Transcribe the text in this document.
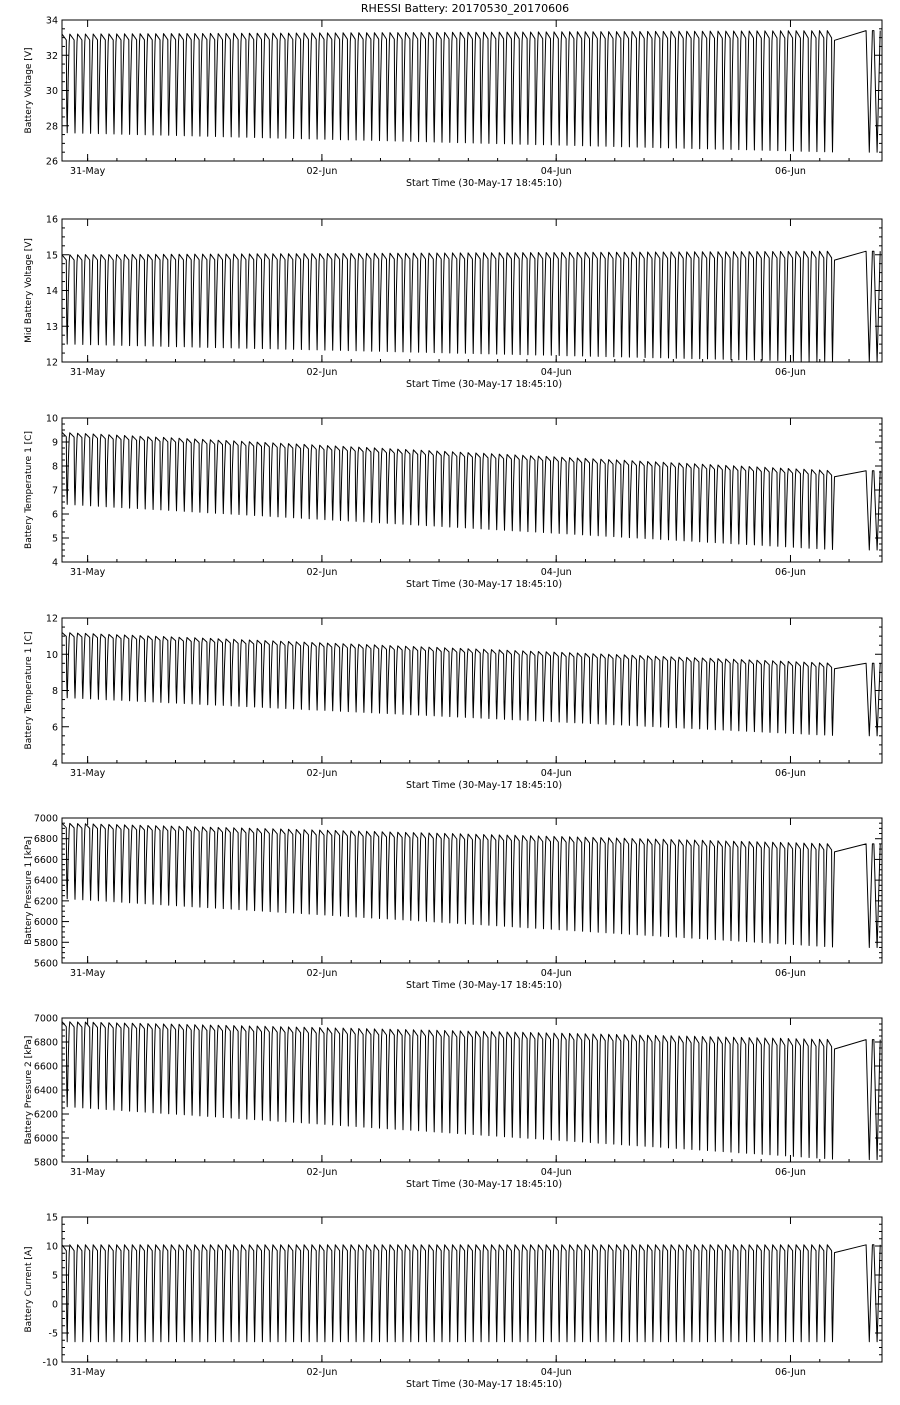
RHESSI Battery: 20170530_20170606
26
28
30
32
34
31-May	02-Jun	04-Jun	06-Jun
Start Time (30-May-17 18:45:10)
Battery Voltage [V]
12
13
14
15
16
31-May	02-Jun	04-Jun	06-Jun
Start Time (30-May-17 18:45:10)
Mid Battery Voltage [V]
4
5
6
7
8
9
10
31-May	02-Jun	04-Jun	06-Jun
Start Time (30-May-17 18:45:10)
Battery Temperature 1 [C]
4
6
8
10
12
31-May	02-Jun	04-Jun	06-Jun
Start Time (30-May-17 18:45:10)
Battery Temperature 1 [C]
5600
5800
6000
6200
6400
6600
6800
7000
31-May	02-Jun	04-Jun	06-Jun
Start Time (30-May-17 18:45:10)
Battery Pressure 1 [kPa]
5800
6000
6200
6400
6600
6800
7000
31-May	02-Jun	04-Jun	06-Jun
Start Time (30-May-17 18:45:10)
Battery Pressure 2 [kPa]
-10
-5
0
5
10
15
31-May	02-Jun	04-Jun	06-Jun
Start Time (30-May-17 18:45:10)
Battery Current [A]
